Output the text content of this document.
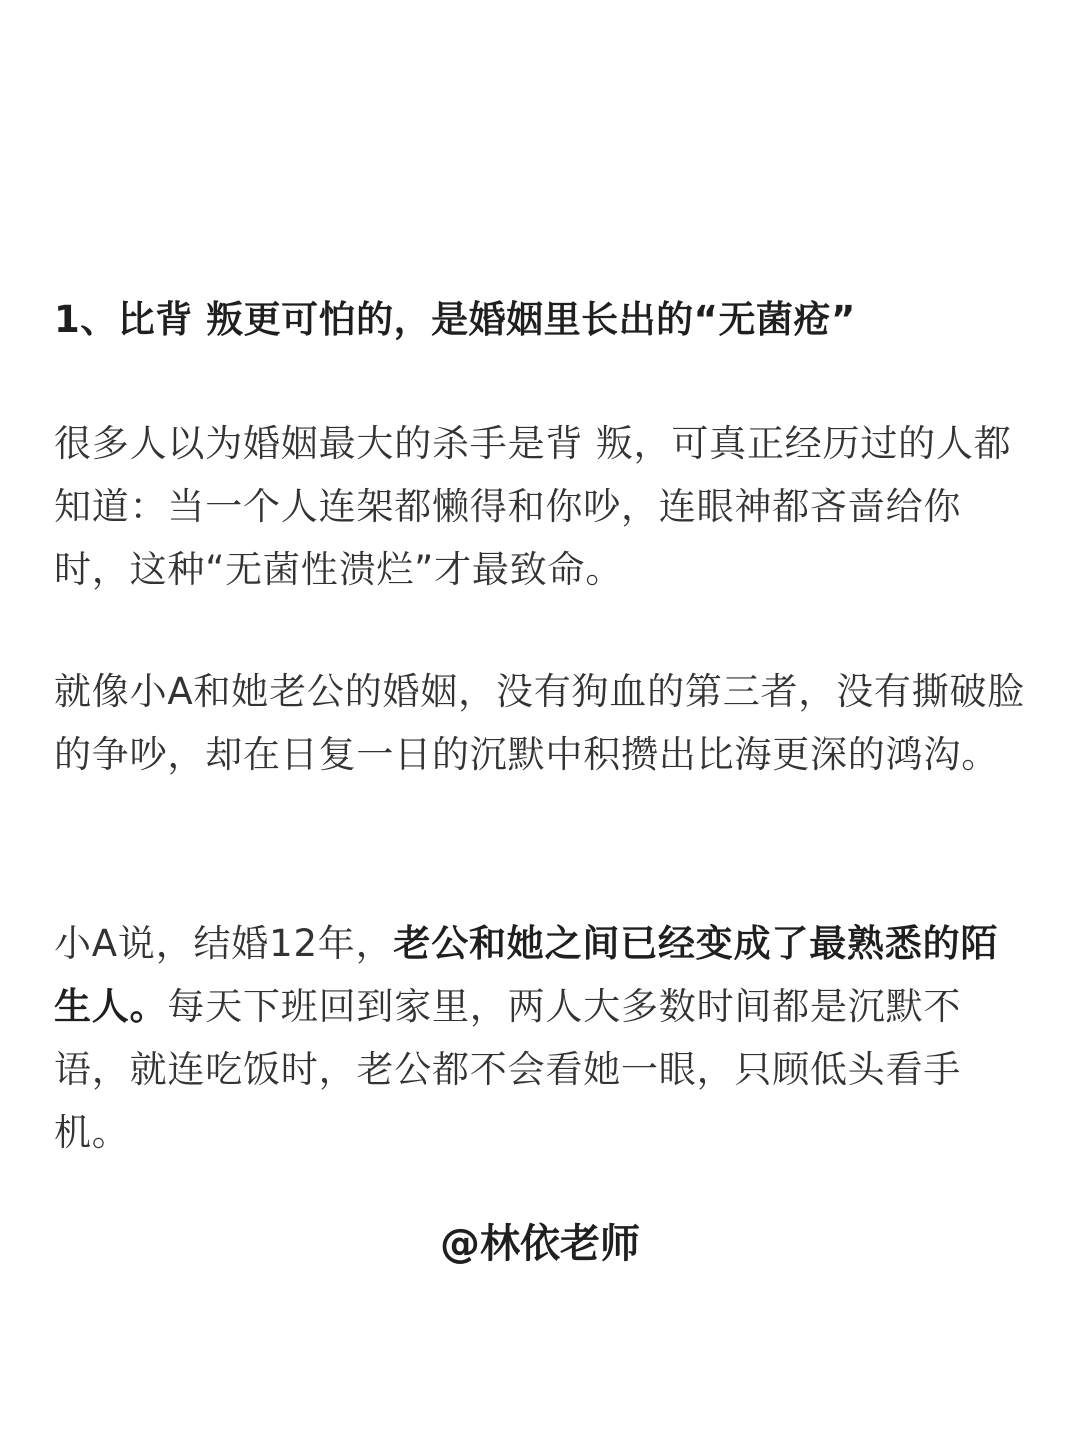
1、比背 叛更可怕的，是婚姻里长出的“无菌疮”

很多人以为婚姻最大的杀手是背 叛，可真正经历过的人都知道：当一个人连架都懒得和你吵，连眼神都吝啬给你时，这种“无菌性溃烂”才最致命。

就像小A和她老公的婚姻，没有狗血的第三者，没有撕破脸的争吵，却在日复一日的沉默中积攒出比海更深的鸿沟。

小A说，结婚12年，老公和她之间已经变成了最熟悉的陌生人。每天下班回到家里，两人大多数时间都是沉默不语，就连吃饭时，老公都不会看她一眼，只顾低头看手机。

@林依老师
